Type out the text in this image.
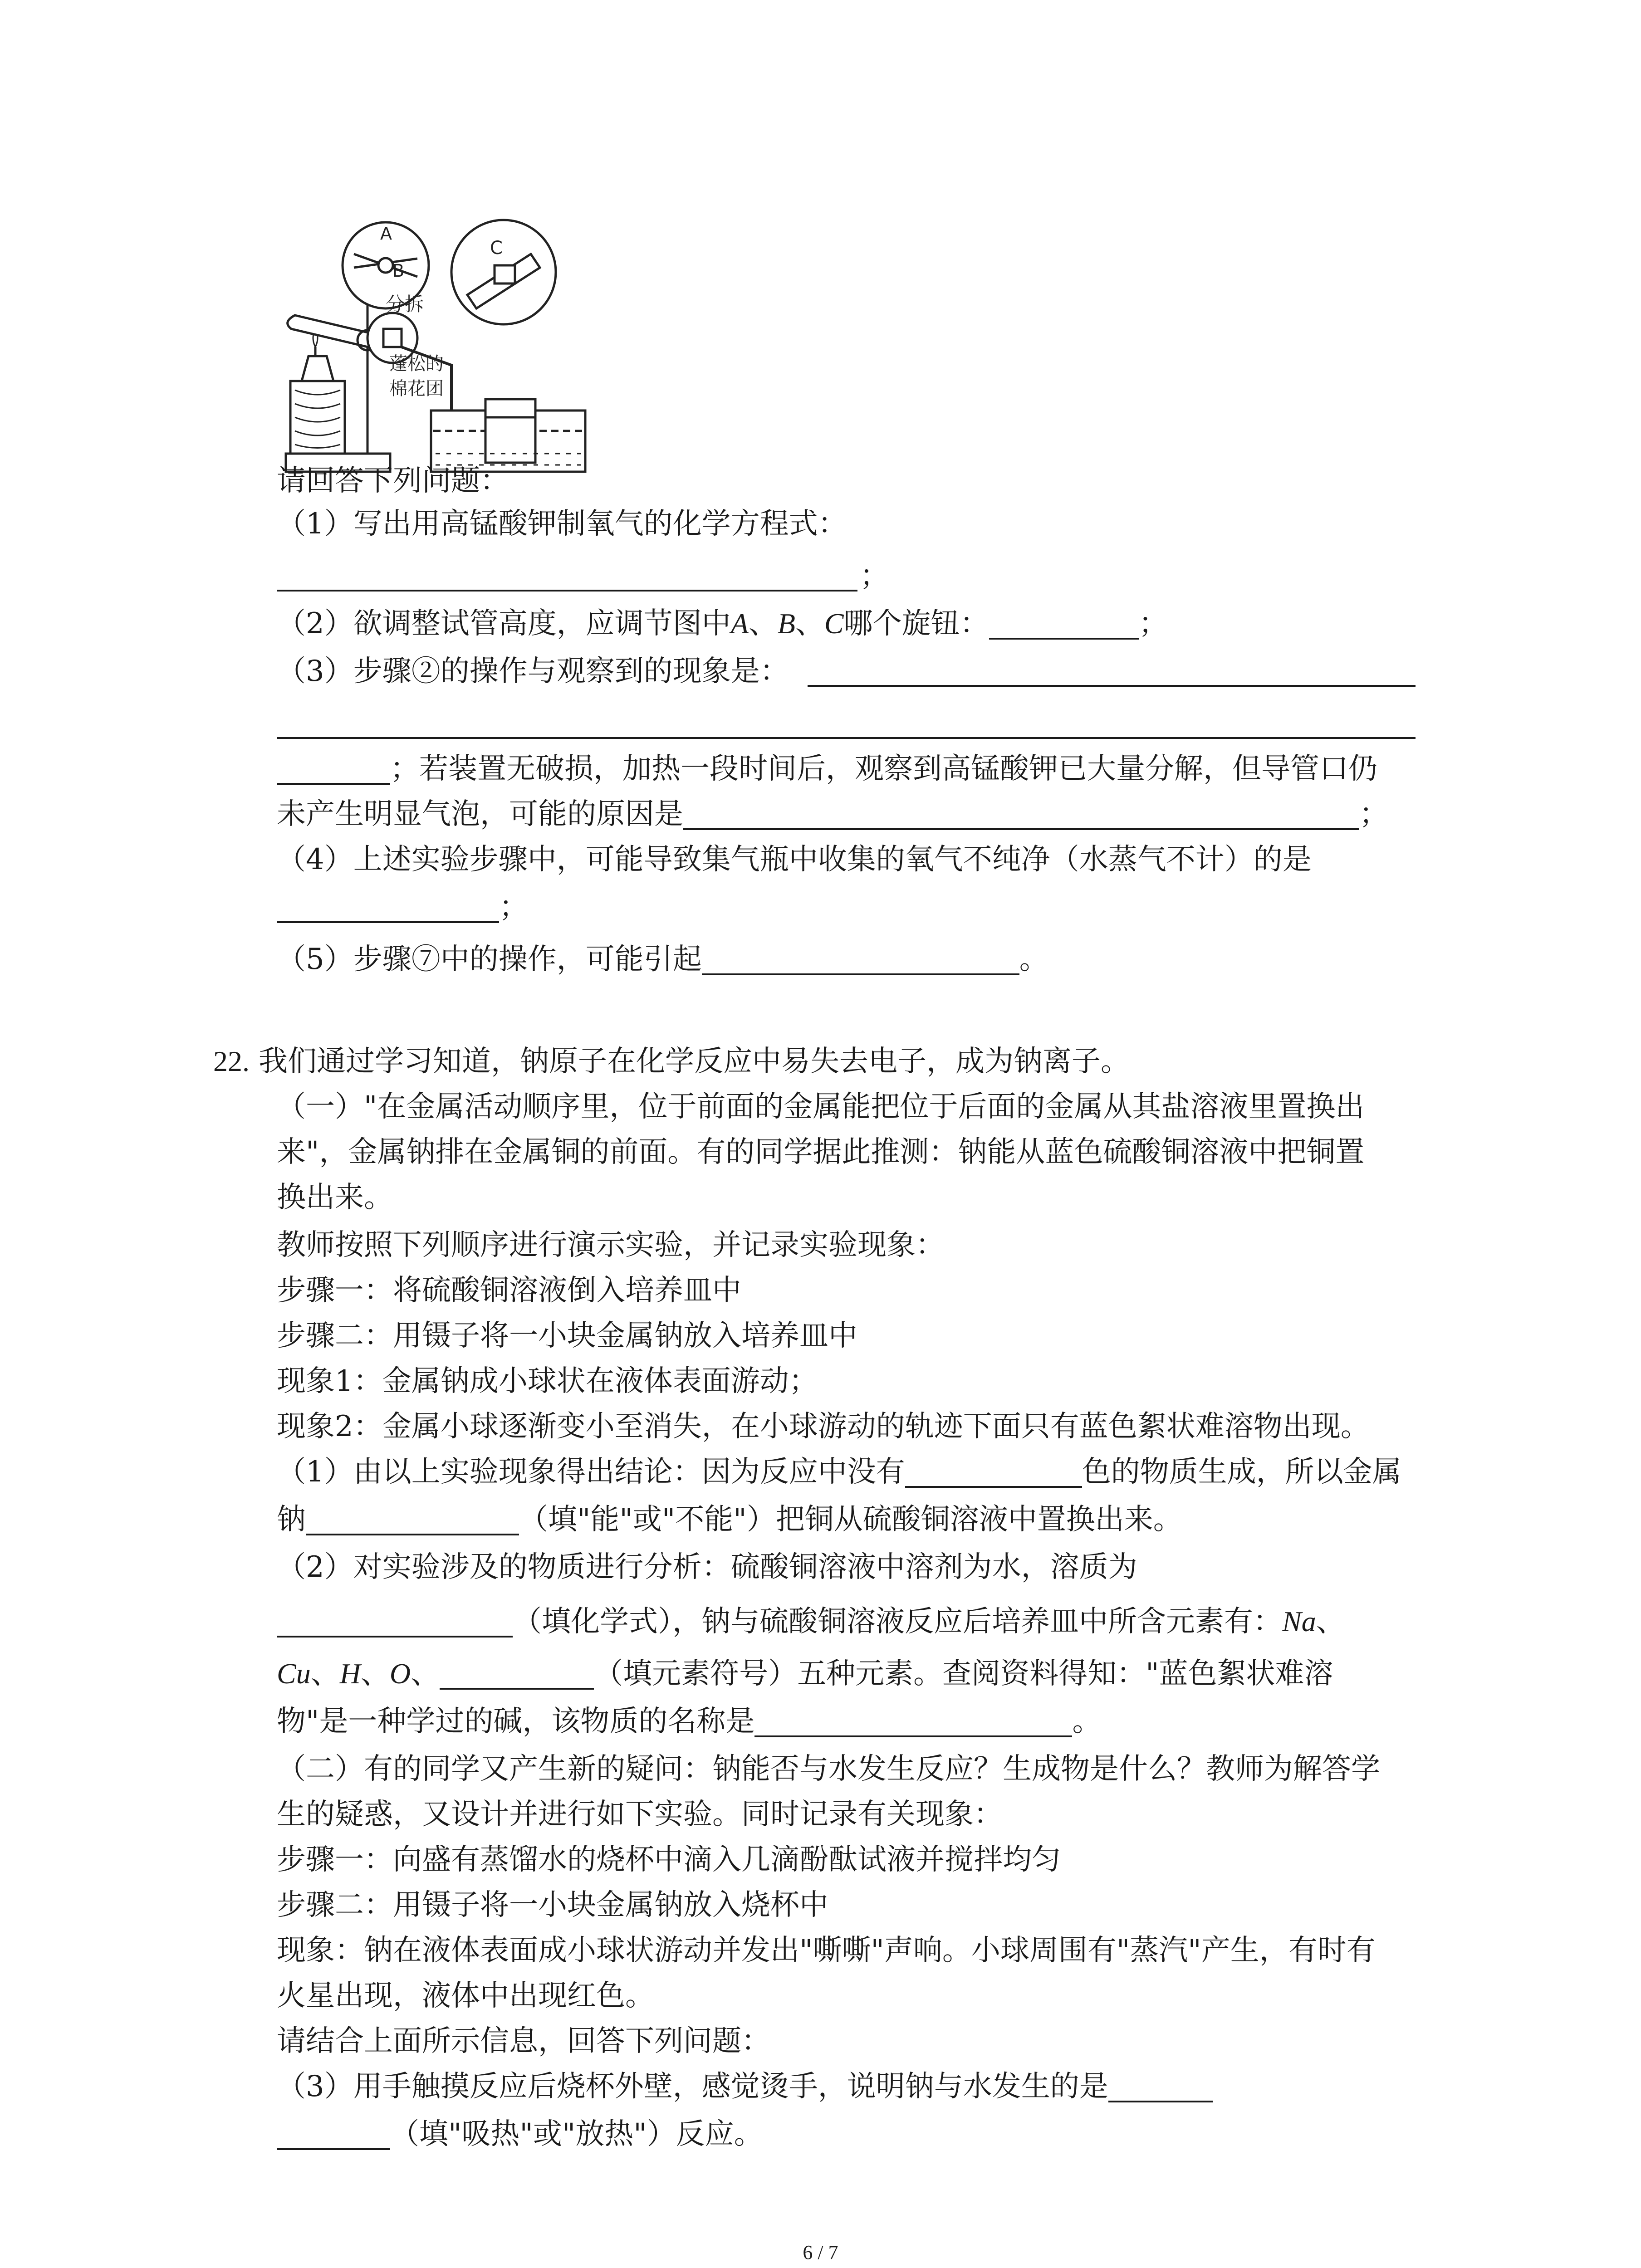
A
B
C
分拆
蓬松的
棉花团
请回答下列问题：
（1）写出用高锰酸钾制氧气的化学方程式：
；
（2）欲调整试管高度，应调节图中A、B、C哪个旋钮：	；
（3）步骤②的操作与观察到的现象是：
；若装置无破损，加热一段时间后，观察到高锰酸钾已大量分解，但导管口仍
未产生明显气泡，可能的原因是	；
（4）上述实验步骤中，可能导致集气瓶中收集的氧气不纯净（水蒸气不计）的是
；
（5）步骤⑦中的操作，可能引起	。
22. 我们通过学习知道，钠原子在化学反应中易失去电子，成为钠离子。
（一）"在金属活动顺序里，位于前面的金属能把位于后面的金属从其盐溶液里置换出
来"，金属钠排在金属铜的前面。有的同学据此推测：钠能从蓝色硫酸铜溶液中把铜置
换出来。
教师按照下列顺序进行演示实验，并记录实验现象：
步骤一：将硫酸铜溶液倒入培养皿中
步骤二：用镊子将一小块金属钠放入培养皿中
现象1：金属钠成小球状在液体表面游动；
现象2：金属小球逐渐变小至消失，在小球游动的轨迹下面只有蓝色絮状难溶物出现。
（1）由以上实验现象得出结论：因为反应中没有	色的物质生成，所以金属
钠	（填"能"或"不能"）把铜从硫酸铜溶液中置换出来。
（2）对实验涉及的物质进行分析：硫酸铜溶液中溶剂为水，溶质为
（填化学式），钠与硫酸铜溶液反应后培养皿中所含元素有：Na、
Cu、H、O、	（填元素符号）五种元素。查阅资料得知："蓝色絮状难溶
物"是一种学过的碱，该物质的名称是	。
（二）有的同学又产生新的疑问：钠能否与水发生反应？生成物是什么？教师为解答学
生的疑惑，又设计并进行如下实验。同时记录有关现象：
步骤一：向盛有蒸馏水的烧杯中滴入几滴酚酞试液并搅拌均匀
步骤二：用镊子将一小块金属钠放入烧杯中
现象：钠在液体表面成小球状游动并发出"嘶嘶"声响。小球周围有"蒸汽"产生，有时有
火星出现，液体中出现红色。
请结合上面所示信息，回答下列问题：
（3）用手触摸反应后烧杯外壁，感觉烫手，说明钠与水发生的是
（填"吸热"或"放热"）反应。
6 / 7
